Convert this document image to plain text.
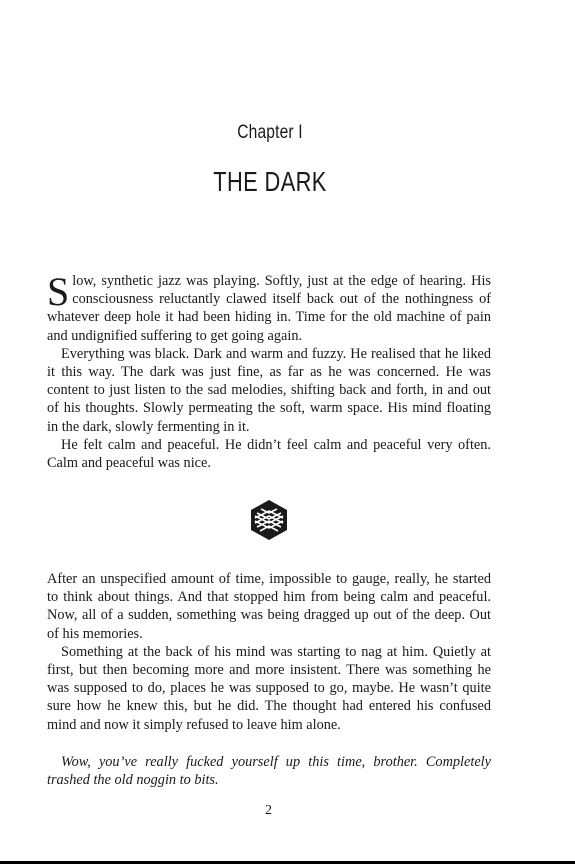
Chapter I
THE DARK

Slow, synthetic jazz was playing. Softly, just at the edge of hearing. His consciousness reluctantly clawed itself back out of the nothingness of whatever deep hole it had been hiding in. Time for the old machine of pain and undignified suffering to get going again.

Everything was black. Dark and warm and fuzzy. He realised that he liked it this way. The dark was just fine, as far as he was concerned. He was content to just listen to the sad melodies, shifting back and forth, in and out of his thoughts. Slowly permeating the soft, warm space. His mind floating in the dark, slowly fermenting in it.

He felt calm and peaceful. He didn’t feel calm and peaceful very often. Calm and peaceful was nice.

After an unspecified amount of time, impossible to gauge, really, he started to think about things. And that stopped him from being calm and peaceful. Now, all of a sudden, something was being dragged up out of the deep. Out of his memories.

Something at the back of his mind was starting to nag at him. Quietly at first, but then becoming more and more insistent. There was something he was supposed to do, places he was supposed to go, maybe. He wasn’t quite sure how he knew this, but he did. The thought had entered his confused mind and now it simply refused to leave him alone.

Wow, you’ve really fucked yourself up this time, brother. Completely trashed the old noggin to bits.

2
